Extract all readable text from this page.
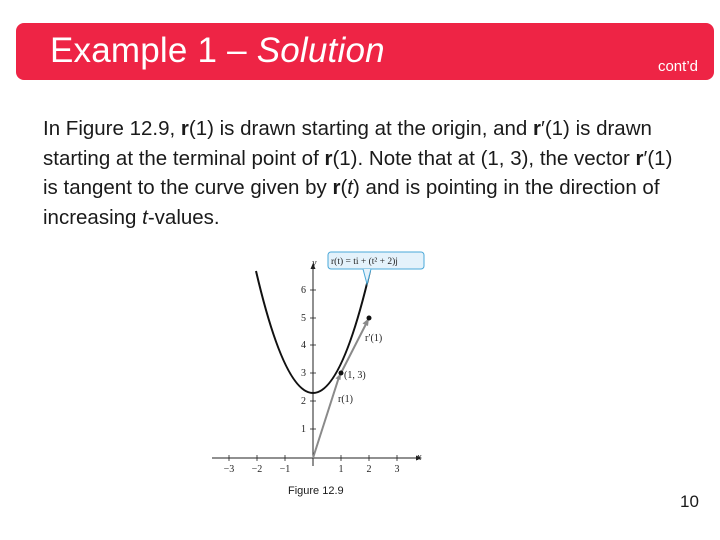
Example 1 – Solution	cont’d
In Figure 12.9, r(1) is drawn starting at the origin, and r′(1) is drawn starting at the terminal point of r(1). Note that at (1, 3), the vector r′(1) is tangent to the curve given by r(t) and is pointing in the direction of increasing t-values.
x
y
−3 −2 −1	1 2 3
1
2
3
4
5
6
(1, 3)
r(1)
r′(1)
r(t) = ti + (t² + 2)j
Figure 12.9
10
